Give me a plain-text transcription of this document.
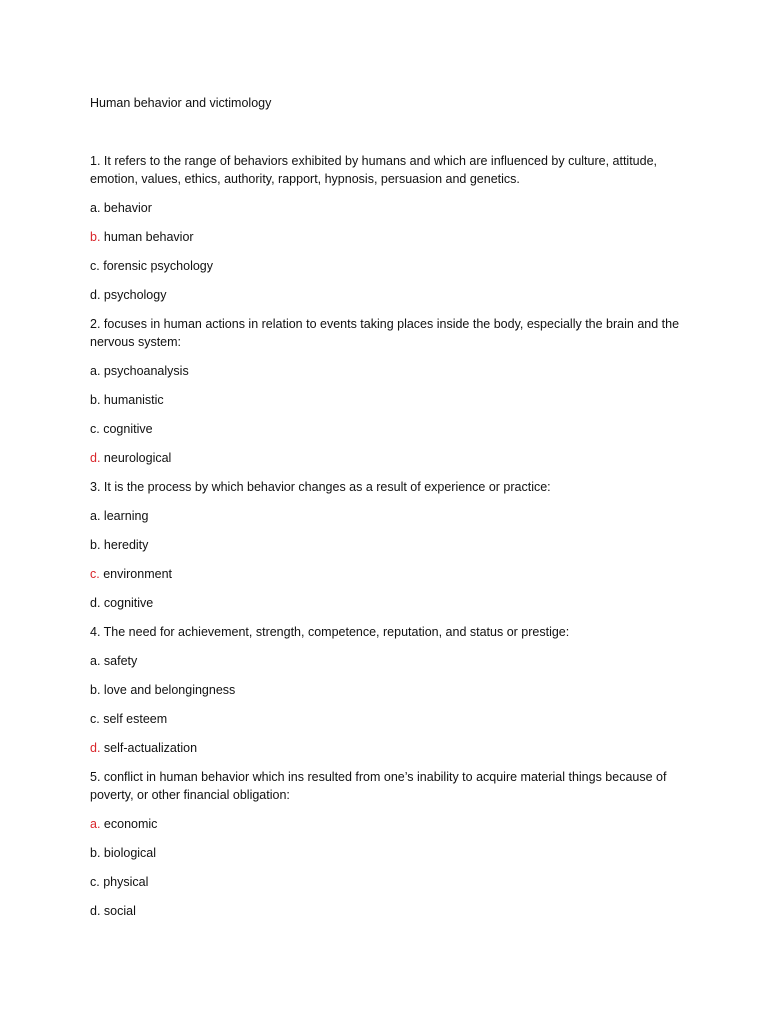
Human behavior and victimology
1. It refers to the range of behaviors exhibited by humans and which are influenced by culture, attitude, emotion, values, ethics, authority, rapport, hypnosis, persuasion and genetics.
a. behavior
b. human behavior
c. forensic psychology
d. psychology
2. focuses in human actions in relation to events taking places inside the body, especially the brain and the nervous system:
a. psychoanalysis
b. humanistic
c. cognitive
d. neurological
3. It is the process by which behavior changes as a result of experience or practice:
a. learning
b. heredity
c. environment
d. cognitive
4. The need for achievement, strength, competence, reputation, and status or prestige:
a. safety
b. love and belongingness
c. self esteem
d. self-actualization
5. conflict in human behavior which ins resulted from one’s inability to acquire material things because of poverty, or other financial obligation:
a. economic
b. biological
c. physical
d. social
